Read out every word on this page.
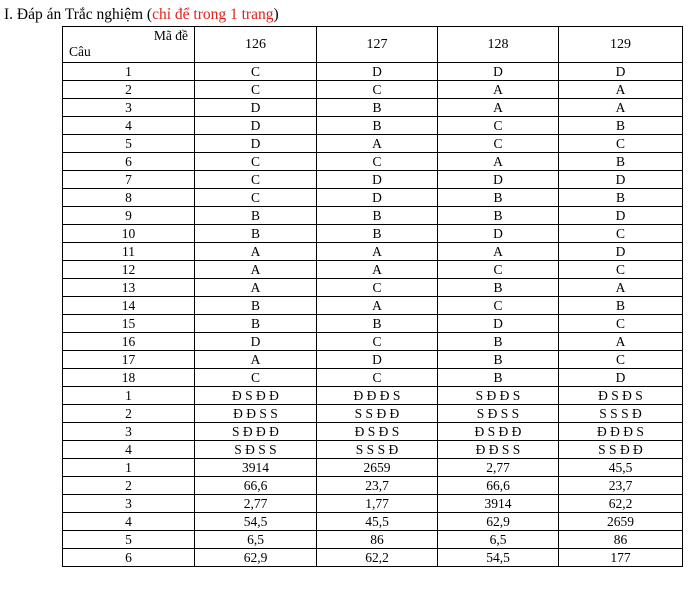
I. Đáp án Trắc nghiệm (chỉ để trong 1 trang)
Mã đề
Câu	126	127	128	129
1	C	D	D	D
2	C	C	A	A
3	D	B	A	A
4	D	B	C	B
5	D	A	C	C
6	C	C	A	B
7	C	D	D	D
8	C	D	B	B
9	B	B	B	D
10	B	B	D	C
11	A	A	A	D
12	A	A	C	C
13	A	C	B	A
14	B	A	C	B
15	B	B	D	C
16	D	C	B	A
17	A	D	B	C
18	C	C	B	D
1	Đ S Đ Đ	Đ Đ Đ S	S Đ Đ S	Đ S Đ S
2	Đ Đ S S	S S Đ Đ	S Đ S S	S S S Đ
3	S Đ Đ Đ	Đ S Đ S	Đ S Đ Đ	Đ Đ Đ S
4	S Đ S S	S S S Đ	Đ Đ S S	S S Đ Đ
1	3914	2659	2,77	45,5
2	66,6	23,7	66,6	23,7
3	2,77	1,77	3914	62,2
4	54,5	45,5	62,9	2659
5	6,5	86	6,5	86
6	62,9	62,2	54,5	177
